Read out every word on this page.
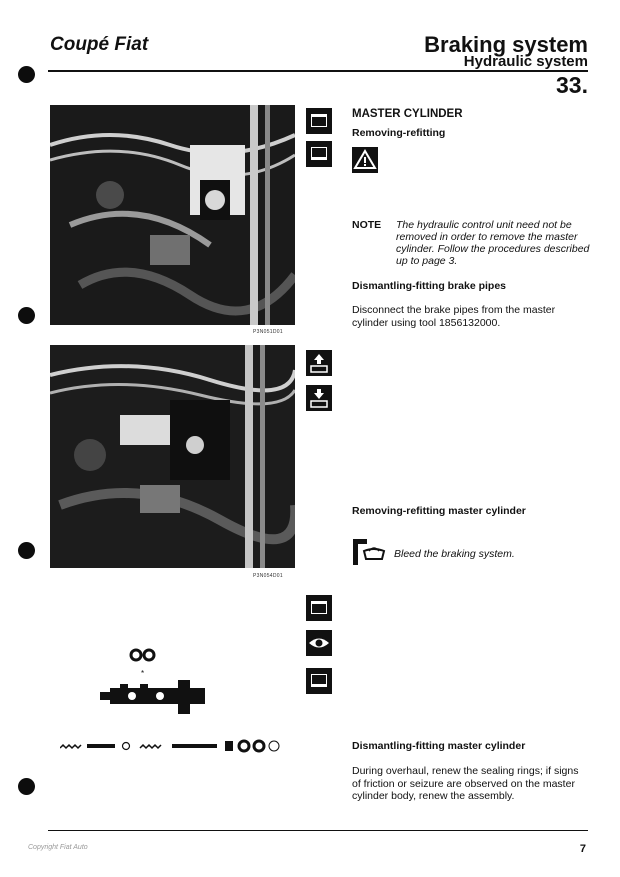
Coupé Fiat	Braking system
Hydraulic system
33.
P3N051D01
MASTER CYLINDER
Removing-refitting
NOTE The hydraulic control unit need not be removed in order to remove the master cylinder. Follow the procedures described up to page 3.
Dismantling-fitting brake pipes
Disconnect the brake pipes from the master cylinder using tool 1856132000.
P3N054D01
Removing-refitting master cylinder
Bleed the braking system.
*
Dismantling-fitting master cylinder
During overhaul, renew the sealing rings; if signs of friction or seizure are observed on the master cylinder body, renew the assembly.
Copyright Fiat Auto	7
